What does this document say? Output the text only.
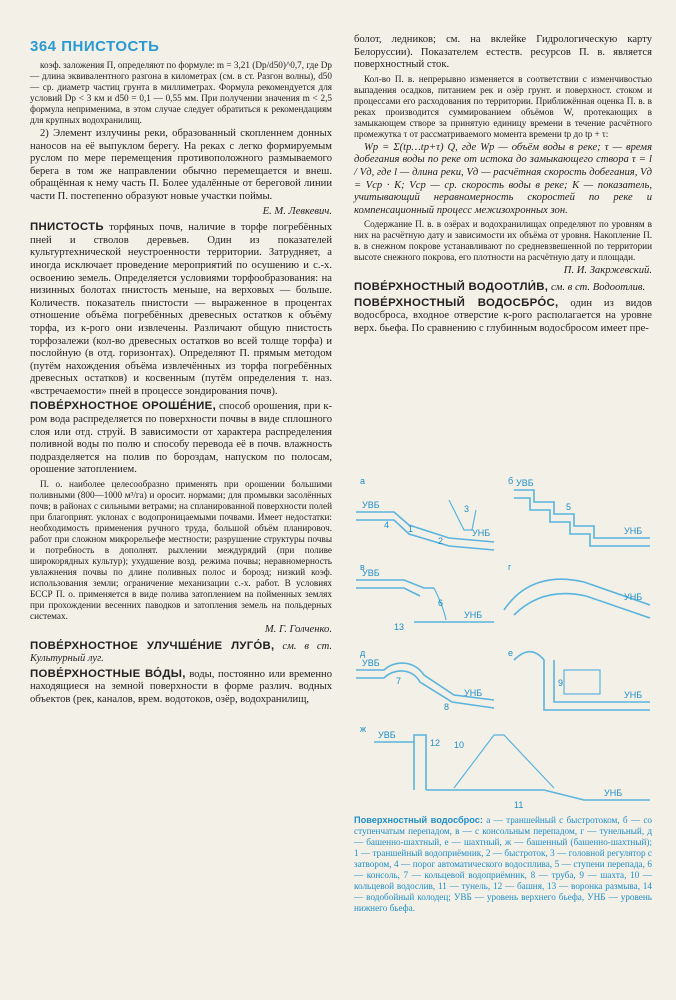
364 ПНИСТОСТЬ

коэф. заложения П, определяют по формуле: m = 3,21 (Dр/d50)^0,7, где Dр — длина эквивалентного разгона в километрах (см. в ст. Разгон волны), d50 — ср. диаметр частиц грунта в миллиметрах. Формула рекомендуется для условий Dр < 3 км и d50 = 0,1 — 0,55 мм. При получении значения m < 2,5 формула неприменима, в этом случае следует обратиться к рекомендациям для крупных водохранилищ.

2) Элемент излучины реки, образованный скопленнем донных наносов на её выпуклом берегу. На реках с легко формируемым руслом по мере перемещения противоположного размываемого берега в том же направлении обычно перемещается и внеш. обращённая к нему часть П. Более удалённые от береговой линии части П. постепенно образуют новые участки поймы.

Е. М. Левкевич.

ПНИСТОСТЬ торфяных почв, наличие в торфе погребённых пней и стволов деревьев. Один из показателей культуртехнической неустроенности территории. Затрудняет, а иногда исключает проведение мероприятий по осушению и с.-х. освоению земель. Определяется условиями торфообразования: на низинных болотах пнистость меньше, на верховых — больше. Количеств. показатель пнистости — выраженное в процентах отношение объёма погребённых древесных остатков к объёму торфа, из к-рого они извлечены. Различают общую пнистость торфозалежи (кол-во древесных остатков во всей толще торфа) и послойную (в отд. горизонтах). Определяют П. прямым методом (путём нахождения объёма извлечённых из торфа погребённых древесных остатков) и косвенным (путём определения т. наз. «встречаемости» пней в процессе зондирования почв).

ПОВЕ́РХНОСТНОЕ ОРОШЕ́НИЕ, способ орошения, при к-ром вода распределяется по поверхности почвы в виде сплошного слоя или отд. струй. В зависимости от характера распределения поливной воды по полю и способу перевода её в почв. влажность подразделяется на полив по бороздам, напуском по полосам, орошение затоплением.

П. о. наиболее целесообразно применять при орошении большими поливными (800—1000 м³/га) и оросит. нормами; для промывки засолённых почв; в районах с сильными ветрами; на спланированной поверхности полей при благоприят. уклонах с водопроницаемыми почвами. Имеет недостатки: необходимость применения ручного труда, большой объём планировоч. работ при сложном микрорельефе местности; разрушение структуры почвы и потребность в дополнят. рыхлении междурядий (при поливе широкорядных культур); ухудшение возд. режима почвы; неравномерность увлажнения почвы по длине поливных полос и борозд; низкий коэф. использования земли; ограничение механизации с.-х. работ. В условиях БССР П. о. применяется в виде полива затоплением на пойменных землях при прохождении весенних паводков и затопления земель на польдерных системах.

М. Г. Голченко.

ПОВЕ́РХНОСТНОЕ УЛУЧШЕ́НИЕ ЛУГО́В, см. в ст. Культурный луг.

ПОВЕ́РХНОСТНЫЕ ВО́ДЫ, воды, постоянно или временно находящиеся на земной поверхности в форме различ. водных объектов (рек, каналов, врем. водотоков, озёр, водохранилищ,

болот, ледников; см. на вклейке Гидрологическую карту Белоруссии). Показателем естеств. ресурсов П. в. является поверхностный сток.

Кол-во П. в. непрерывно изменяется в соответствии с изменчивостью выпадения осадков, питанием рек и озёр грунт. и поверхност. стоком и процессами его расходования по территории. Приближённая оценка П. в. в реках производится суммированием объёмов W, протекающих в замыкающем створе за принятую единицу времени в течение расчётного промежутка τ от рассматриваемого момента времени tр до tр + τ:

Wр = Σ(tр…tр+τ) Q, где Wр — объём воды в реке; τ — время добегания воды по реке от истока до замыкающего створа τ = l / Vд, где l — длина реки, Vд — расчётная скорость добегания, Vд = Vср · K; Vср — ср. скорость воды в реке; K — показатель, учитывающий неравномерность скоростей по реке и компенсационный процесс межизохронных зон.

Содержание П. в. в озёрах и водохранилищах определяют по уровням в них на расчётную дату и зависимости их объёма от уровня. Накопление П. в. в снежном покрове устанавливают по средневзвешенной по территории высоте снежного покрова, его плотности на расчётную дату и площади.

П. И. Закржевский.

ПОВЕ́РХНОСТНЫЙ ВОДООТЛИ́В, см. в ст. Водоотлив.

ПОВЕ́РХНОСТНЫЙ ВОДОСБРО́С, один из видов водосброса, входное отверстие к-рого располагается на уровне верх. бьефа. По сравнению с глубинным водосбросом имеет пре-

а	б
в	г
д	е
ж
УВБ
УНБ
УВБ
УНБ
УВБ
УНБ
УНБ
УВБ
УНБ	УНБ
УВБ
УНБ
1
2
3
4
5
6
7
8
9
10
11
12
13
Поверхностный водосброс: а — траншейный с быстротоком, б — со ступенчатым перепадом, в — с консольным перепадом, г — тунельный, д — башенно-шахтный, е — шахтный, ж — башенный (башенно-шахтный); 1 — траншейный водоприёмник, 2 — быстроток, 3 — головной регулятор с затвором, 4 — порог автоматического водосплива, 5 — ступени перепада, 6 — консоль, 7 — кольцевой водоприёмник, 8 — труба, 9 — шахта, 10 — кольцевой водослив, 11 — тунель, 12 — башня, 13 — воронка размыва, 14 — водобойный колодец; УВБ — уровень верхнего бьефа, УНБ — уровень нижнего бьефа.
